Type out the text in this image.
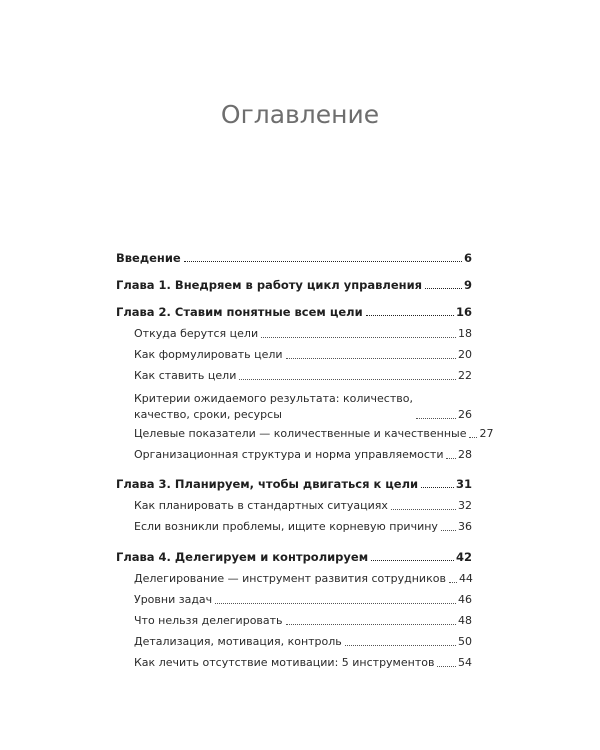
Оглавление
Введение	6
Глава 1. Внедряем в работу цикл управления	9
Глава 2. Ставим понятные всем цели	16
Откуда берутся цели	18
Как формулировать цели	20
Как ставить цели	22
Критерии ожидаемого результата: количество,
качество, сроки, ресурсы	26
Целевые показатели — количественные и качественные 27
Организационная структура и норма управляемости 28
Глава 3. Планируем, чтобы двигаться к цели	31
Как планировать в стандартных ситуациях	32
Если возникли проблемы, ищите корневую причину 36
Глава 4. Делегируем и контролируем	42
Делегирование — инструмент развития сотрудников 44
Уровни задач	46
Что нельзя делегировать	48
Детализация, мотивация, контроль	50
Как лечить отсутствие мотивации: 5 инструментов 54
